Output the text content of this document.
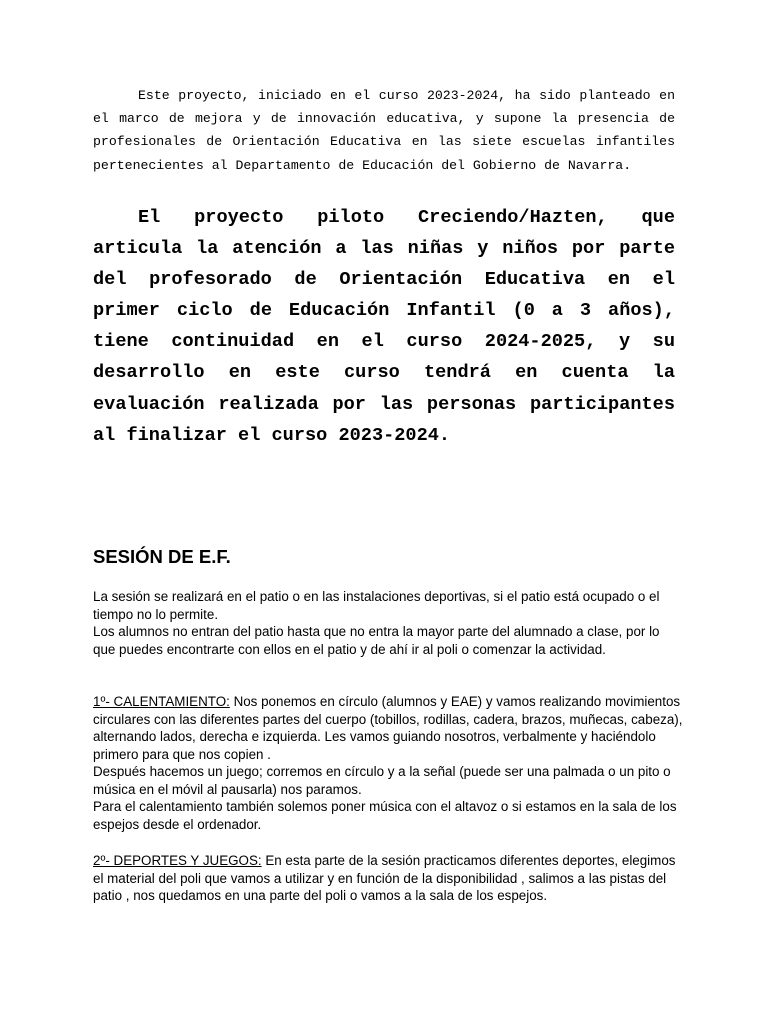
Este proyecto, iniciado en el curso 2023-2024, ha sido planteado en el marco de mejora y de innovación educativa, y supone la presencia de profesionales de Orientación Educativa en las siete escuelas infantiles pertenecientes al Departamento de Educación del Gobierno de Navarra.

El proyecto piloto Creciendo/Hazten, que articula la atención a las niñas y niños por parte del profesorado de Orientación Educativa en el primer ciclo de Educación Infantil (0 a 3 años), tiene continuidad en el curso 2024-2025, y su desarrollo en este curso tendrá en cuenta la evaluación realizada por las personas participantes al finalizar el curso 2023-2024.

SESIÓN DE E.F.

La sesión se realizará en el patio o en las instalaciones deportivas, si el patio está ocupado o el tiempo no lo permite.

Los alumnos no entran del patio hasta que no entra la mayor parte del alumnado a clase, por lo que puedes encontrarte con ellos en el patio y de ahí ir al poli o comenzar la actividad.

1º- CALENTAMIENTO: Nos ponemos en círculo (alumnos y EAE) y vamos realizando movimientos circulares con las diferentes partes del cuerpo (tobillos, rodillas, cadera, brazos, muñecas, cabeza), alternando lados, derecha e izquierda. Les vamos guiando nosotros, verbalmente y haciéndolo primero para que nos copien .

Después hacemos un juego; corremos en círculo y a la señal (puede ser una palmada o un pito o música en el móvil al pausarla) nos paramos.

Para el calentamiento también solemos poner música con el altavoz o si estamos en la sala de los espejos desde el ordenador.

2º- DEPORTES Y JUEGOS: En esta parte de la sesión practicamos diferentes deportes, elegimos el material del poli que vamos a utilizar y en función de la disponibilidad , salimos a las pistas del patio , nos quedamos en una parte del poli o vamos a la sala de los espejos.
